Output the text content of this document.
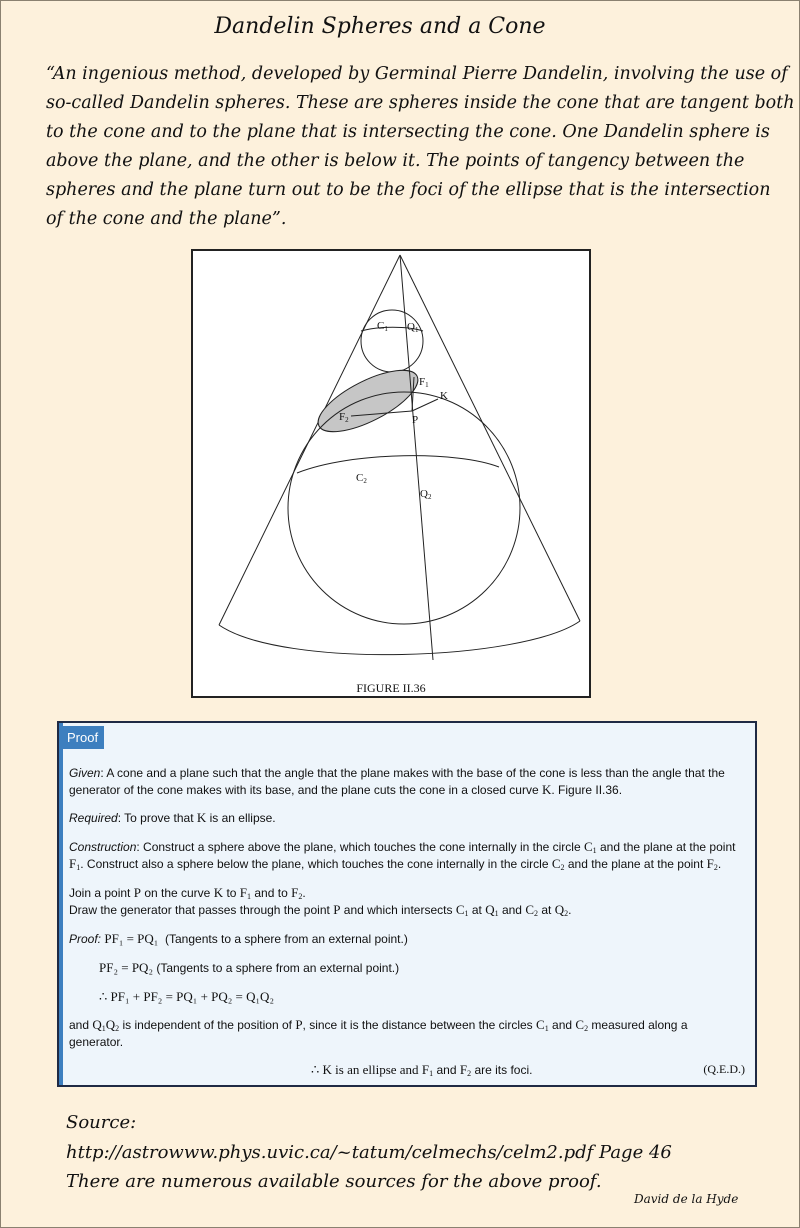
Dandelin Spheres and a Cone
“An ingenious method, developed by Germinal Pierre Dandelin, involving the use of
so-called Dandelin spheres. These are spheres inside the cone that are tangent both
to the cone and to the plane that is intersecting the cone. One Dandelin sphere is
above the plane, and the other is below it. The points of tangency between the
spheres and the plane turn out to be the foci of the ellipse that is the intersection
of the cone and the plane”.
C1 Q1
F1
K
F2	P
C2
Q2
FIGURE II.36
Proof
Given: A cone and a plane such that the angle that the plane makes with the base of the cone is less than the angle that the
generator of the cone makes with its base, and the plane cuts the cone in a closed curve K. Figure II.36.
Required: To prove that K is an ellipse.
Construction: Construct a sphere above the plane, which touches the cone internally in the circle $C_1$ and the plane at the point
$F_1$. Construct also a sphere below the plane, which touches the cone internally in the circle $C_2$ and the plane at the point $F_2$.
Join a point P on the curve K to $F_1$ and to $F_2$.
Draw the generator that passes through the point P and which intersects $C_1$ at $Q_1$ and $C_2$ at $Q_2$.
Proof: PF₁ = PQ₁ (Tangents to a sphere from an external point.)
PF₂ = PQ₂ (Tangents to a sphere from an external point.)
∴ PF₁ + PF₂ = PQ₁ + PQ₂ = Q₁Q₂
and $Q_1Q_2$ is independent of the position of P, since it is the distance between the circles $C_1$ and $C_2$ measured along a
generator.
∴ K is an ellipse and $F_1$ and $F_2$ are its foci.	(Q.E.D.)
Source:
http://astrowww.phys.uvic.ca/~tatum/celmechs/celm2.pdf Page 46
There are numerous available sources for the above proof.
David de la Hyde
